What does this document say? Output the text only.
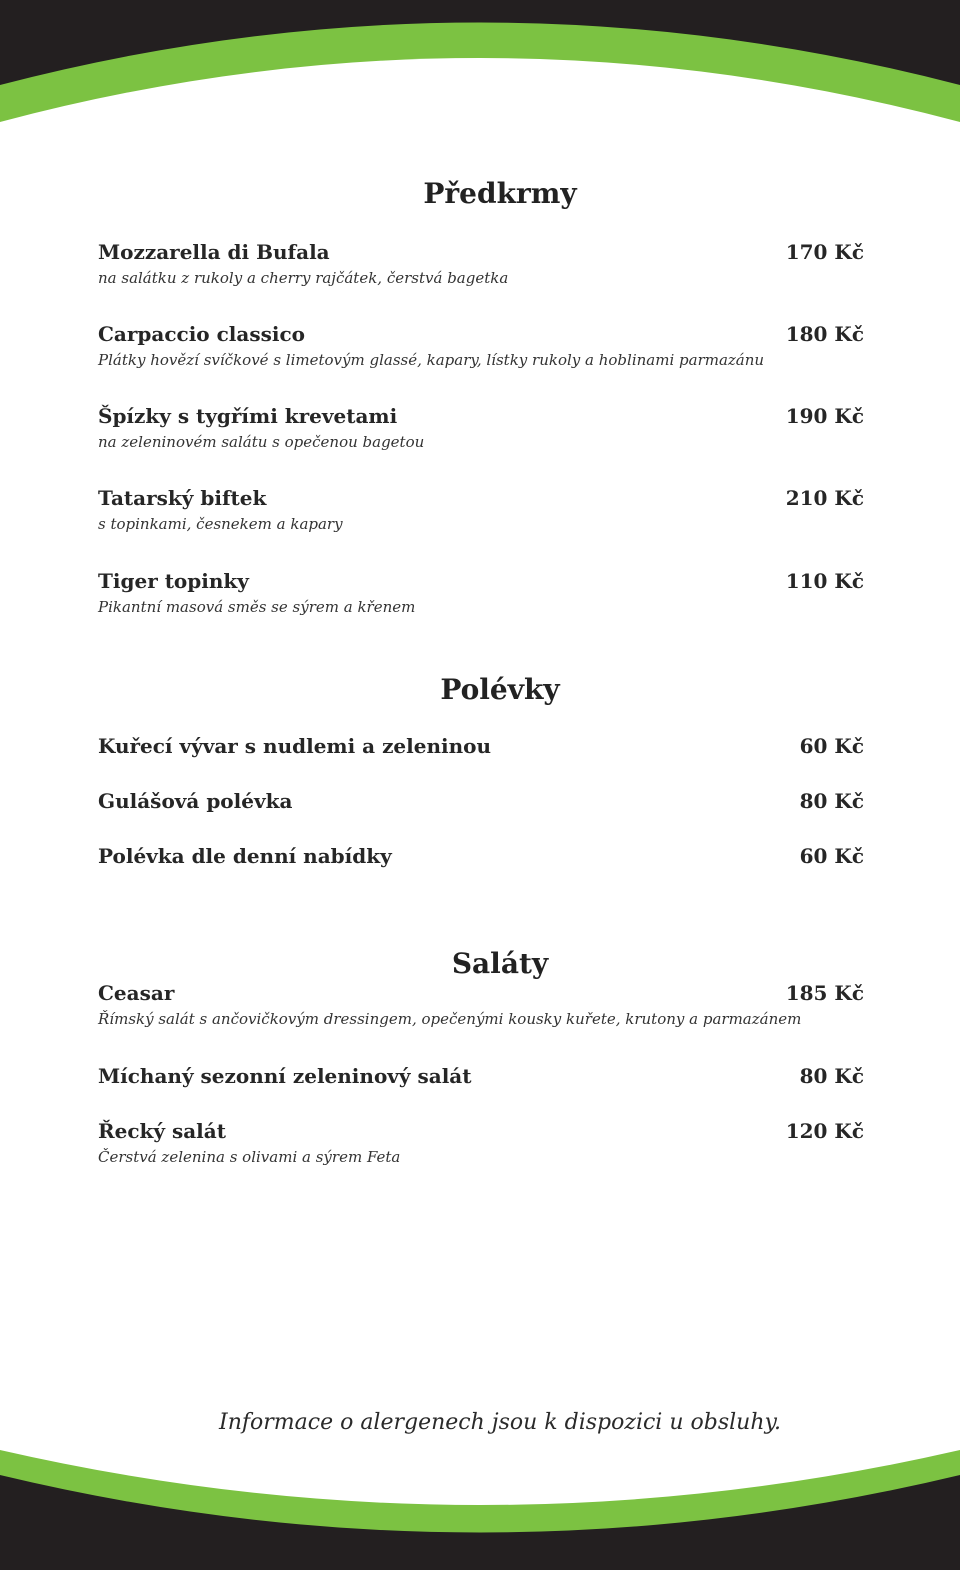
Předkrmy
Mozzarella di Bufala	170 Kč
na salátku z rukoly a cherry rajčátek, čerstvá bagetka
Carpaccio classico	180 Kč
Plátky hovězí svíčkové s limetovým glassé, kapary, lístky rukoly a hoblinami parmazánu
Špízky s tygřími krevetami	190 Kč
na zeleninovém salátu s opečenou bagetou
Tatarský biftek	210 Kč
s topinkami, česnekem a kapary
Tiger topinky	110 Kč
Pikantní masová směs se sýrem a křenem
Polévky
Kuřecí vývar s nudlemi a zeleninou	60 Kč
Gulášová polévka	80 Kč
Polévka dle denní nabídky	60 Kč
Saláty
Ceasar	185 Kč
Římský salát s ančovičkovým dressingem, opečenými kousky kuřete, krutony a parmazánem
Míchaný sezonní zeleninový salát	80 Kč
Řecký salát	120 Kč
Čerstvá zelenina s olivami a sýrem Feta

Informace o alergenech jsou k dispozici u obsluhy.
